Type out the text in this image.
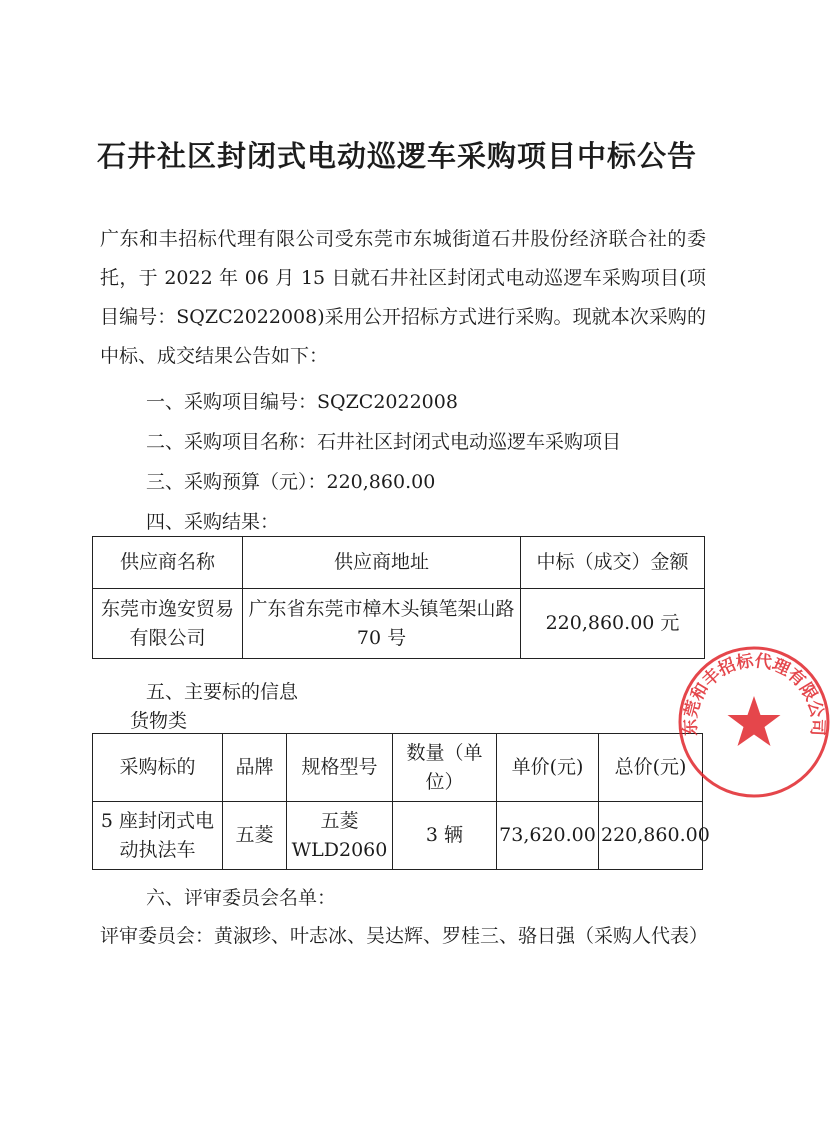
石井社区封闭式电动巡逻车采购项目中标公告

广东和丰招标代理有限公司受东莞市东城街道石井股份经济联合社的委托，于 2022 年 06 月 15 日就石井社区封闭式电动巡逻车采购项目(项目编号：SQZC2022008)采用公开招标方式进行采购。现就本次采购的中标、成交结果公告如下：

一、采购项目编号：SQZC2022008
二、采购项目名称：石井社区封闭式电动巡逻车采购项目
三、采购预算（元）：220,860.00
四、采购结果：
供应商名称	供应商地址	中标（成交）金额
东莞市逸安贸易有限公司	广东省东莞市樟木头镇笔架山路 70 号	220,860.00 元
五、主要标的信息
货物类
采购标的	品牌	规格型号	数量（单位）	单价(元)	总价(元)
5 座封闭式电动执法车	五菱	五菱 WLD2060	3 辆	73,620.00	220,860.00
六、评审委员会名单：

评审委员会：黄淑珍、叶志冰、吴达辉、罗桂三、骆日强（采购人代表）

东莞和丰招标代理有限公司
